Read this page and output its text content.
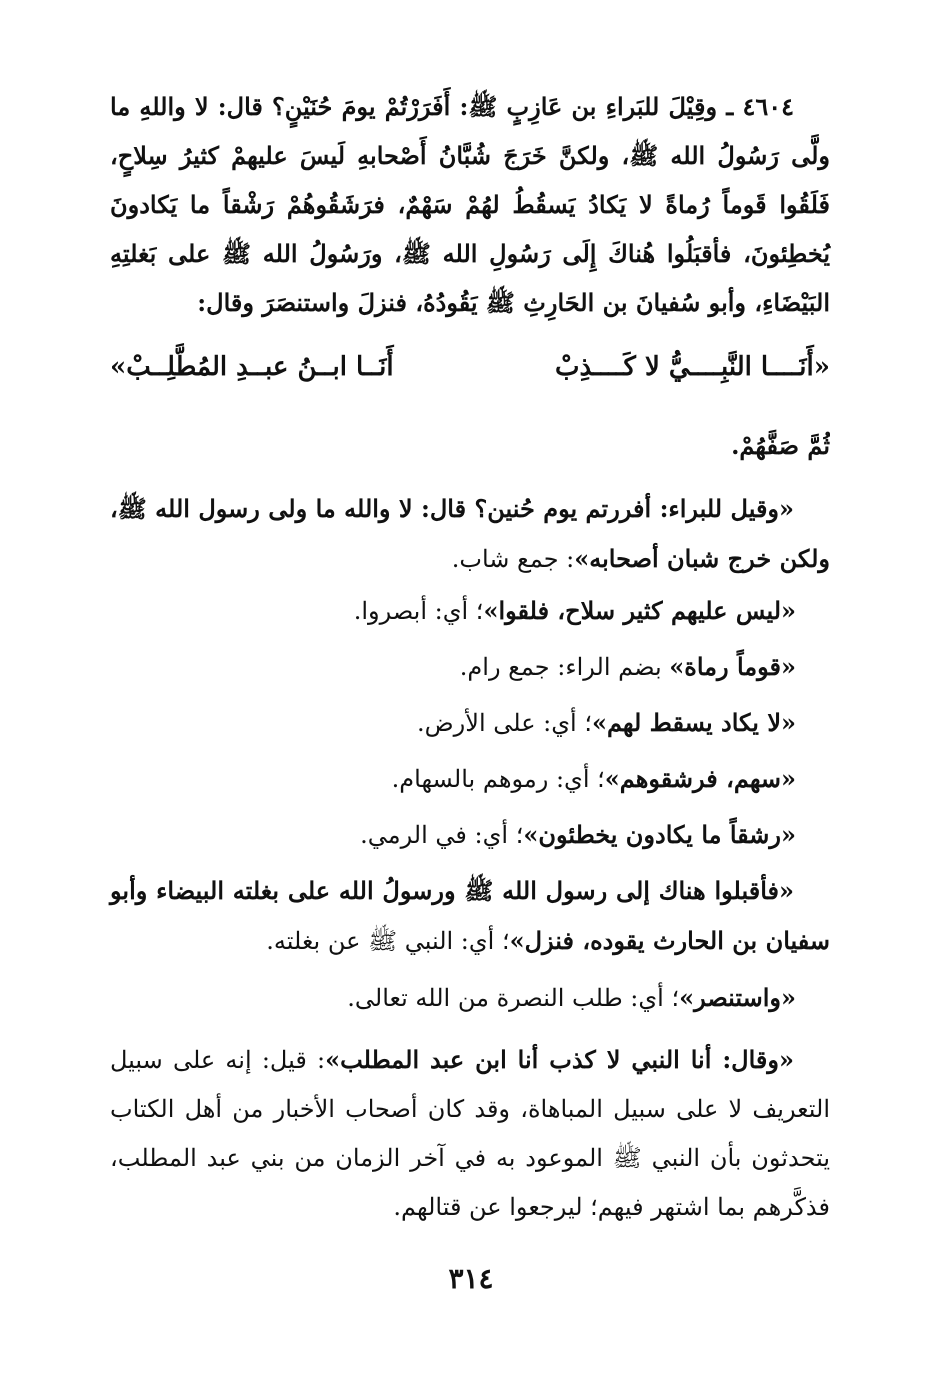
٤٦٠٤ ـ وقِيْلَ للبَراءِ بن عَازِبٍ ﷺ: أَفَرَرْتُمْ يومَ حُنَيْنٍ؟ قال: لا واللهِ ما ولَّى رَسُولُ الله ﷺ، ولكنَّ خَرَجَ شُبَّانُ أَصْحابهِ لَيسَ عليهمْ كثيرُ سِلاحٍ، فَلَقُوا قَوماً رُماةً لا يَكادُ يَسقُطُ لهُمْ سَهْمٌ، فرَشَقُوهُمْ رَشْقاً ما يَكادونَ يُخطِئونَ، فأقبَلُوا هُناكَ إِلَى رَسُولِ الله ﷺ، ورَسُولُ الله ﷺ على بَغلتِهِ البَيْضَاءِ، وأبو سُفيانَ بن الحَارِثِ ﷺ يَقُودُهُ، فنزلَ واستنصَرَ وقال:

«أَنَــــا النَّبِــــيُّ لا كَــــذِبْ
أَنَــا ابــنُ عبــدِ المُطَّلِــبْ»
ثُمَّ صَفَّهُمْ.

«وقيل للبراء: أفررتم يوم حُنين؟ قال: لا والله ما ولى رسول الله ﷺ، ولكن خرج شبان أصحابه»: جمع شاب.

«ليس عليهم كثير سلاح، فلقوا»؛ أي: أبصروا.
«قوماً رماة» بضم الراء: جمع رام.
«لا يكاد يسقط لهم»؛ أي: على الأرض.
«سهم، فرشقوهم»؛ أي: رموهم بالسهام.
«رشقاً ما يكادون يخطئون»؛ أي: في الرمي.

«فأقبلوا هناك إلى رسول الله ﷺ ورسولُ الله على بغلته البيضاء وأبو سفيان بن الحارث يقوده، فنزل»؛ أي: النبي ﷺ عن بغلته.

«واستنصر»؛ أي: طلب النصرة من الله تعالى.

«وقال: أنا النبي لا كذب أنا ابن عبد المطلب»: قيل: إنه على سبيل التعريف لا على سبيل المباهاة، وقد كان أصحاب الأخبار من أهل الكتاب يتحدثون بأن النبي ﷺ الموعود به في آخر الزمان من بني عبد المطلب، فذكَّرهم بما اشتهر فيهم؛ ليرجعوا عن قتالهم.

٣١٤
